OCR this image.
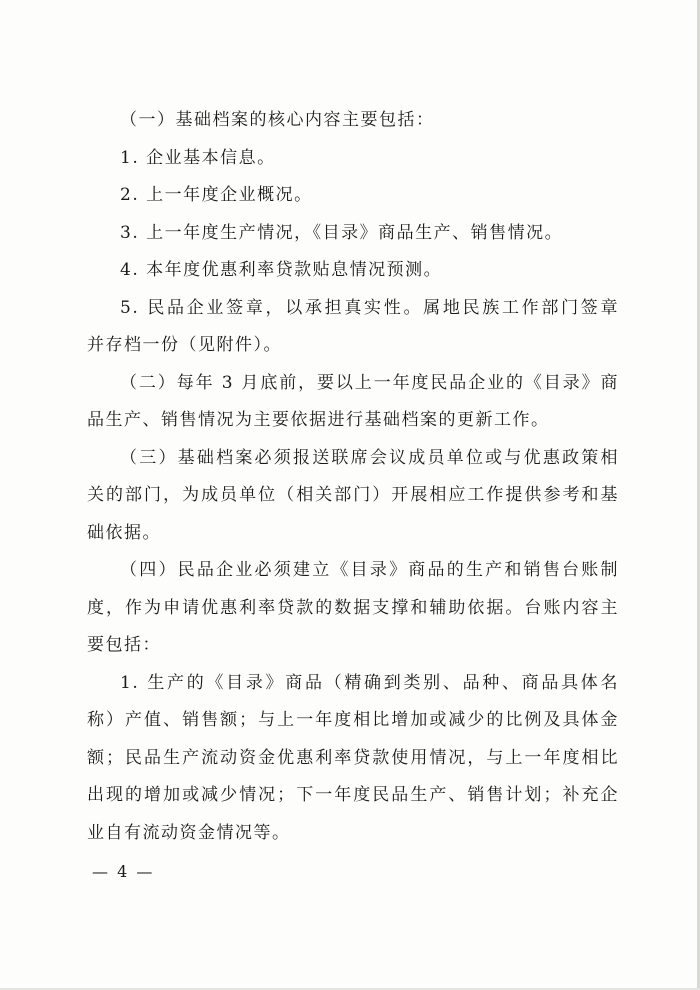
（一）基础档案的核心内容主要包括：
1. 企业基本信息。
2. 上一年度企业概况。
3. 上一年度生产情况，《目录》商品生产、销售情况。
4. 本年度优惠利率贷款贴息情况预测。
5. 民品企业签章，以承担真实性。属地民族工作部门签章
并存档一份（见附件）。
（二）每年 3 月底前，要以上一年度民品企业的《目录》商
品生产、销售情况为主要依据进行基础档案的更新工作。
（三）基础档案必须报送联席会议成员单位或与优惠政策相
关的部门，为成员单位（相关部门）开展相应工作提供参考和基
础依据。
（四）民品企业必须建立《目录》商品的生产和销售台账制
度，作为申请优惠利率贷款的数据支撑和辅助依据。台账内容主
要包括：
1. 生产的《目录》商品（精确到类别、品种、商品具体名
称）产值、销售额；与上一年度相比增加或减少的比例及具体金
额；民品生产流动资金优惠利率贷款使用情况，与上一年度相比
出现的增加或减少情况；下一年度民品生产、销售计划；补充企
业自有流动资金情况等。
— 4 —
